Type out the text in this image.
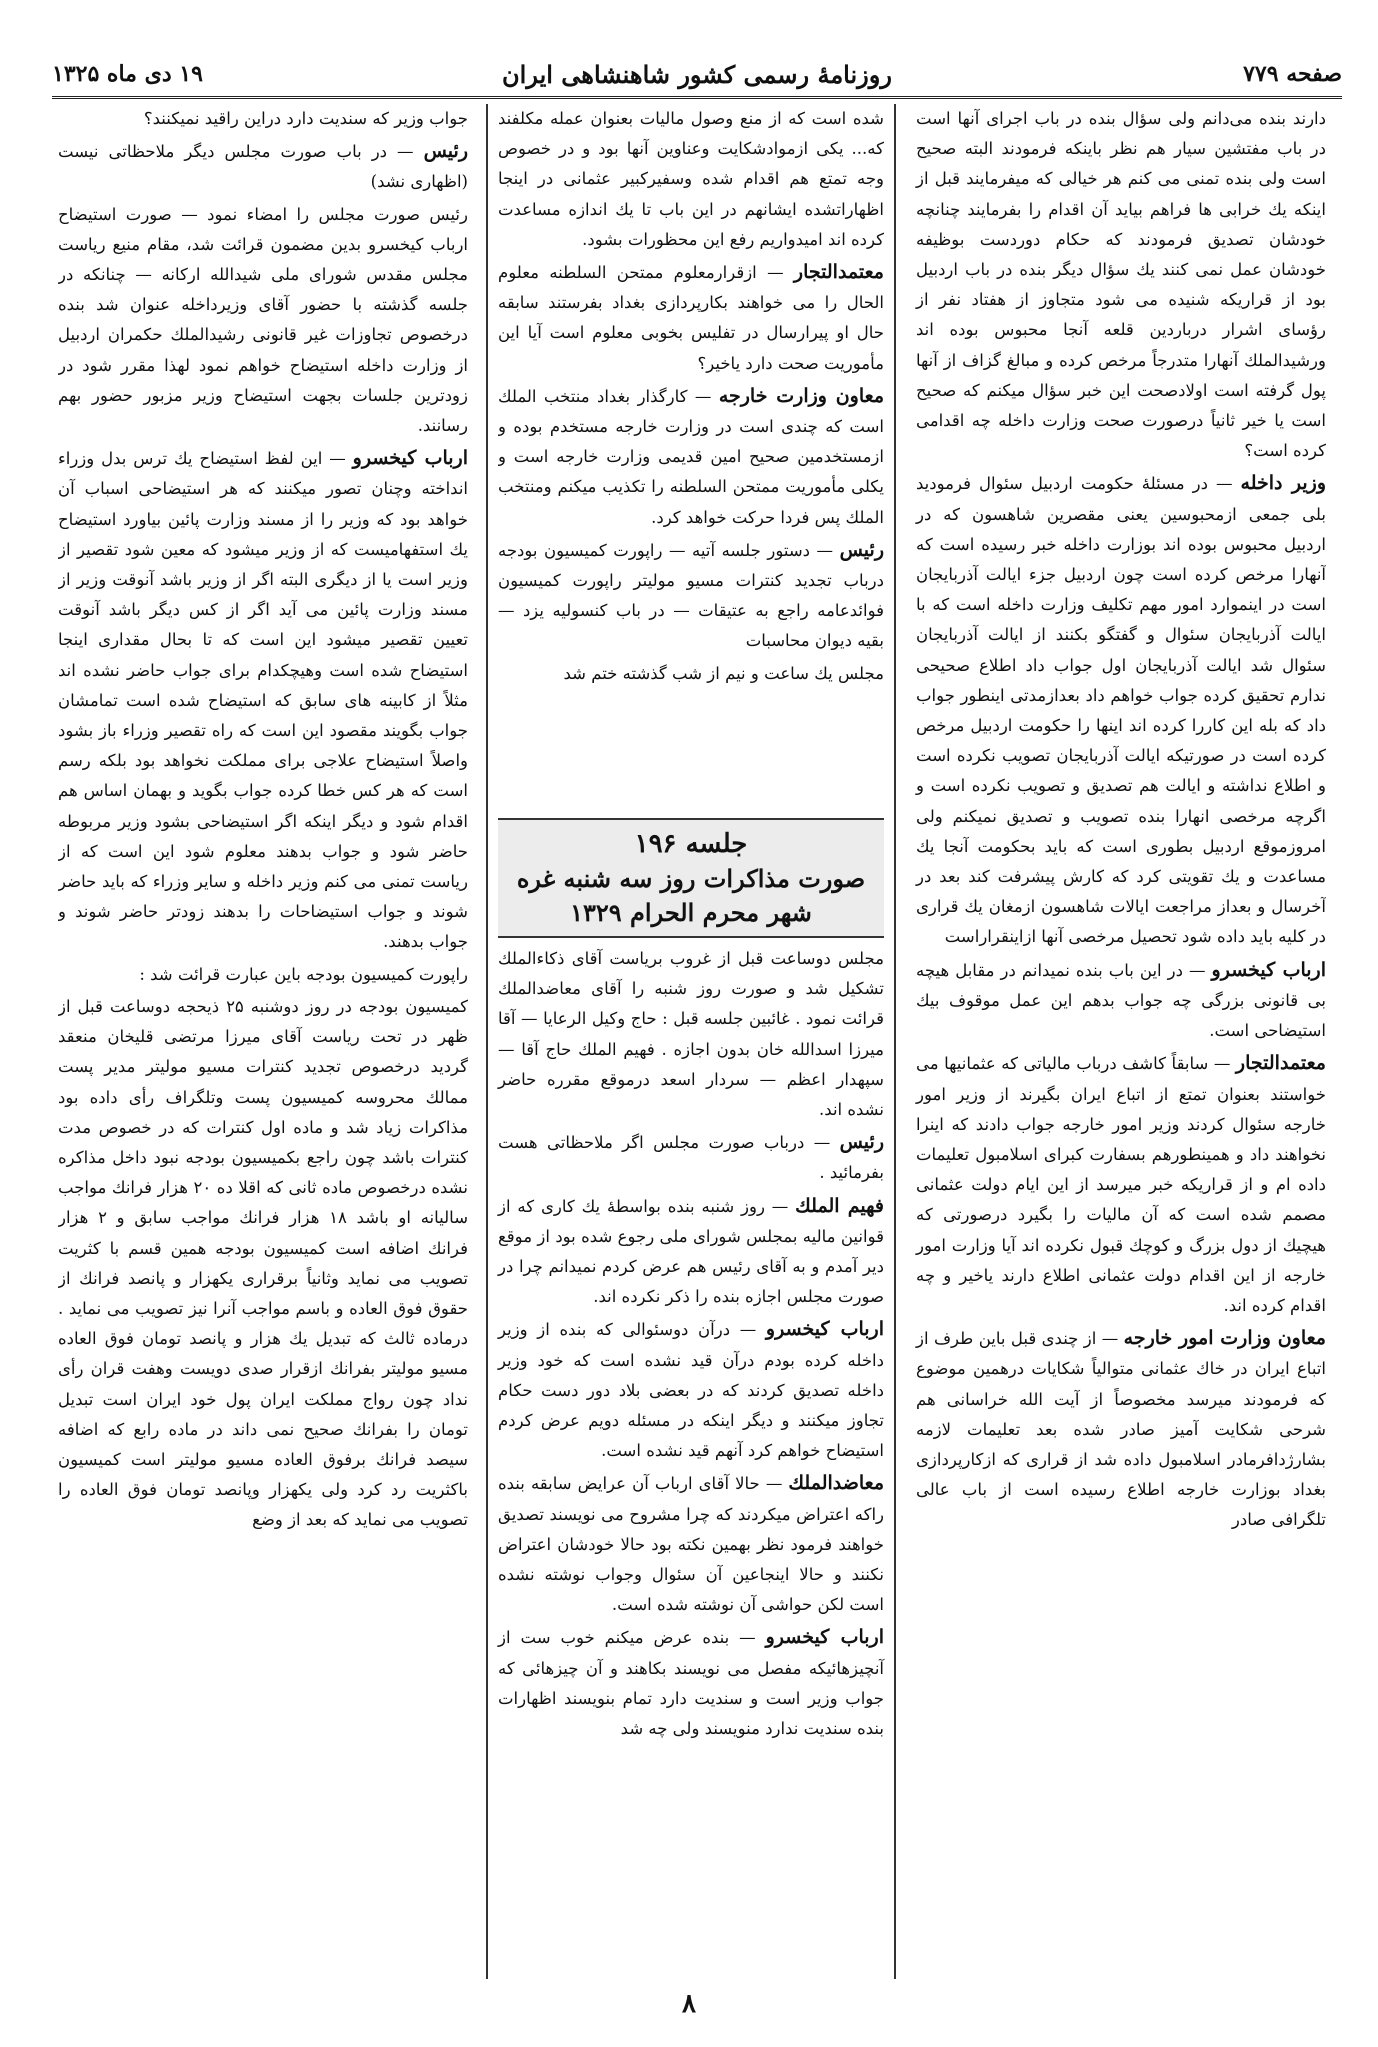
صفحه ۷۷۹
روزنامهٔ رسمی کشور شاهنشاهی ایران
۱۹ دی ماه ۱۳۲۵

دارند بنده می‌دانم ولی سؤال بنده در باب اجرای آنها است در باب مفتشین سیار هم نظر باینکه فرمودند البته صحیح است ولی بنده تمنی می کنم هر خیالی که میفرمایند قبل از اینکه یك خرابی ها فراهم بیاید آن اقدام را بفرمایند چنانچه خودشان تصدیق فرمودند که حکام دوردست بوظیفه خودشان عمل نمی کنند یك سؤال دیگر بنده در باب اردبیل بود از قراریکه شنیده می شود متجاوز از هفتاد نفر از رؤسای اشرار درباردین قلعه آنجا محبوس بوده اند ورشیدالملك آنهارا متدرجاً مرخص کرده و مبالغ گزاف از آنها پول گرفته است اولادصحت این خبر سؤال میکنم که صحیح است یا خیر ثانیاً درصورت صحت وزارت داخله چه اقدامی کرده است؟

وزیر داخله — در مسئلهٔ حکومت اردبیل سئوال فرمودید بلی جمعی ازمحبوسین یعنی مقصرین شاهسون که در اردبیل محبوس بوده اند بوزارت داخله خبر رسیده است که آنهارا مرخص کرده است چون اردبیل جزء ایالت آذربایجان است در اینموارد امور مهم تکلیف وزارت داخله است که با ایالت آذربایجان سئوال و گفتگو بکنند از ایالت آذربایجان سئوال شد ایالت آذربایجان اول جواب داد اطلاع صحیحی ندارم تحقیق کرده جواب خواهم داد بعدازمدتی اینطور جواب داد که بله این کاررا کرده اند اینها را حکومت اردبیل مرخص کرده است در صورتیکه ایالت آذربایجان تصویب نکرده است و اطلاع نداشته و ایالت هم تصدیق و تصویب نکرده است و اگرچه مرخصی انهارا بنده تصویب و تصدیق نمیکنم ولی امروزموقع اردبیل بطوری است که باید بحکومت آنجا یك مساعدت و یك تقویتی کرد که کارش پیشرفت کند بعد در آخرسال و بعداز مراجعت ایالات شاهسون ازمغان یك قراری در کلیه باید داده شود تحصیل مرخصی آنها ازاینقراراست

ارباب کیخسرو — در این باب بنده نمیدانم در مقابل هیچه بی قانونی بزرگی چه جواب بدهم این عمل موقوف بیك استیضاحی است.

معتمدالتجار — سابقاً کاشف درباب مالیاتی که عثمانیها می خواستند بعنوان تمتع از اتباع ایران بگیرند از وزیر امور خارجه سئوال کردند وزیر امور خارجه جواب دادند که اینرا نخواهند داد و همینطورهم بسفارت کبرای اسلامبول تعلیمات داده ام و از قراریکه خبر میرسد از این ایام دولت عثمانی مصمم شده است که آن مالیات را بگیرد درصورتی که هیچیك از دول بزرگ و کوچك قبول نکرده اند آیا وزارت امور خارجه از این اقدام دولت عثمانی اطلاع دارند یاخیر و چه اقدام کرده اند.

معاون وزارت امور خارجه — از چندی قبل باین طرف از اتباع ایران در خاك عثمانی متوالیاً شکایات درهمین موضوع که فرمودند میرسد مخصوصاً از آیت الله خراسانی هم شرحی شکایت آمیز صادر شده بعد تعلیمات لازمه بشارژدافرمادر اسلامبول داده شد از قراری که ازکارپردازی بغداد بوزارت خارجه اطلاع رسیده است از باب عالی تلگرافی صادر

شده است که از منع وصول مالیات بعنوان عمله مکلفند که... یکی ازموادشکایت وعناوین آنها بود و در خصوص وجه تمتع هم اقدام شده وسفیرکبیر عثمانی در اینجا اظهاراتشده ایشانهم در این باب تا یك اندازه مساعدت کرده اند امیدواریم رفع این محظورات بشود.

معتمدالتجار — ازقرارمعلوم ممتحن السلطنه معلوم الحال را می خواهند بکارپردازی بغداد بفرستند سابقه حال او پیرارسال در تفلیس بخوبی معلوم است آیا این مأموریت صحت دارد یاخیر؟

معاون وزارت خارجه — کارگذار بغداد منتخب الملك است که چندی است در وزارت خارجه مستخدم بوده و ازمستخدمین صحیح امین قدیمی وزارت خارجه است و یکلی مأموریت ممتحن السلطنه را تکذیب میکنم ومنتخب الملك پس فردا حرکت خواهد کرد.

رئیس — دستور جلسه آتیه — راپورت کمیسیون بودجه درباب تجدید کنترات مسیو مولیتر راپورت کمیسیون فوائدعامه راجع به عتیقات — در باب کنسولیه یزد — بقیه دیوان محاسبات

مجلس یك ساعت و نیم از شب گذشته ختم شد

جلسه ۱۹۶
صورت مذاکرات روز سه شنبه غره
شهر محرم الحرام ۱۳۲۹

مجلس دوساعت قبل از غروب بریاست آقای ذکاءالملك تشکیل شد و صورت روز شنبه را آقای معاضدالملك قرائت نمود . غائبین جلسه قبل : حاج وکیل الرعایا — آقا میرزا اسدالله خان بدون اجازه . فهیم الملك حاج آقا — سپهدار اعظم — سردار اسعد درموقع مقرره حاضر نشده اند.

رئیس — درباب صورت مجلس اگر ملاحظاتی هست بفرمائید .

فهیم الملك — روز شنبه بنده بواسطهٔ یك کاری که از قوانین مالیه بمجلس شورای ملی رجوع شده بود از موقع دیر آمدم و به آقای رئیس هم عرض کردم نمیدانم چرا در صورت مجلس اجازه بنده را ذکر نکرده اند.

ارباب کیخسرو — درآن دوسئوالی که بنده از وزیر داخله کرده بودم درآن قید نشده است که خود وزیر داخله تصدیق کردند که در بعضی بلاد دور دست حکام تجاوز میکنند و دیگر اینکه در مسئله دویم عرض کردم استیضاح خواهم کرد آنهم قید نشده است.

معاضدالملك — حالا آقای ارباب آن عرایض سابقه بنده راکه اعتراض میکردند که چرا مشروح می نویسند تصدیق خواهند فرمود نظر بهمین نکته بود حالا خودشان اعتراض نکنند و حالا اینجاعین آن سئوال وجواب نوشته نشده است لکن حواشی آن نوشته شده است.

ارباب کیخسرو — بنده عرض میکنم خوب ست از آنچیزهائیکه مفصل می نویسند بکاهند و آن چیزهائی که جواب وزیر است و سندیت دارد تمام بنویسند اظهارات بنده سندیت ندارد منویسند ولی چه شد

جواب وزیر که سندیت دارد دراین راقید نمیکنند؟

رئیس — در باب صورت مجلس دیگر ملاحظاتی نیست (اظهاری نشد)

رئیس صورت مجلس را امضاء نمود — صورت استیضاح ارباب کیخسرو بدین مضمون قرائت شد، مقام منیع ریاست مجلس مقدس شورای ملی شیدالله ارکانه — چنانکه در جلسه گذشته با حضور آقای وزیرداخله عنوان شد بنده درخصوص تجاوزات غیر قانونی رشیدالملك حکمران اردبیل از وزارت داخله استیضاح خواهم نمود لهذا مقرر شود در زودترین جلسات بجهت استیضاح وزیر مزبور حضور بهم رسانند.

ارباب کیخسرو — این لفظ استیضاح یك ترس بدل وزراء انداخته وچنان تصور میکنند که هر استیضاحی اسباب آن خواهد بود که وزیر را از مسند وزارت پائین بیاورد استیضاح یك استفهامیست که از وزیر میشود که معین شود تقصیر از وزیر است یا از دیگری البته اگر از وزیر باشد آنوقت وزیر از مسند وزارت پائین می آید اگر از کس دیگر باشد آنوقت تعیین تقصیر میشود این است که تا بحال مقداری اینجا استیضاح شده است وهیچکدام برای جواب حاضر نشده اند مثلاً از کابینه های سابق که استیضاح شده است تمامشان جواب بگویند مقصود این است که راه تقصیر وزراء باز بشود واصلاً استیضاح علاجی برای مملکت نخواهد بود بلکه رسم است که هر کس خطا کرده جواب بگوید و بهمان اساس هم اقدام شود و دیگر اینکه اگر استیضاحی بشود وزیر مربوطه حاضر شود و جواب بدهند معلوم شود این است که از ریاست تمنی می کنم وزیر داخله و سایر وزراء که باید حاضر شوند و جواب استیضاحات را بدهند زودتر حاضر شوند و جواب بدهند.

راپورت کمیسیون بودجه باین عبارت قرائت شد :

کمیسیون بودجه در روز دوشنبه ۲۵ ذیحجه دوساعت قبل از ظهر در تحت ریاست آقای میرزا مرتضی قلیخان منعقد گردید درخصوص تجدید کنترات مسیو مولیتر مدیر پست ممالك محروسه کمیسیون پست وتلگراف رأی داده بود مذاکرات زیاد شد و ماده اول کنترات که در خصوص مدت کنترات باشد چون راجع بکمیسیون بودجه نبود داخل مذاکره نشده درخصوص ماده ثانی که اقلا ده ۲۰ هزار فرانك مواجب سالیانه او باشد ۱۸ هزار فرانك مواجب سابق و ۲ هزار فرانك اضافه است کمیسیون بودجه همین قسم با کثریت تصویب می نماید وثانیاً برقراری یکهزار و پانصد فرانك از حقوق فوق العاده و باسم مواجب آنرا نیز تصویب می نماید . درماده ثالث که تبدیل یك هزار و پانصد تومان فوق العاده مسیو مولیتر بفرانك ازقرار صدی دویست وهفت قران رأی نداد چون رواج مملکت ایران پول خود ایران است تبدیل تومان را بفرانك صحیح نمی داند در ماده رابع که اضافه سیصد فرانك برفوق العاده مسیو مولیتر است کمیسیون باکثریت رد کرد ولی یکهزار وپانصد تومان فوق العاده را تصویب می نماید که بعد از وضع

۸
